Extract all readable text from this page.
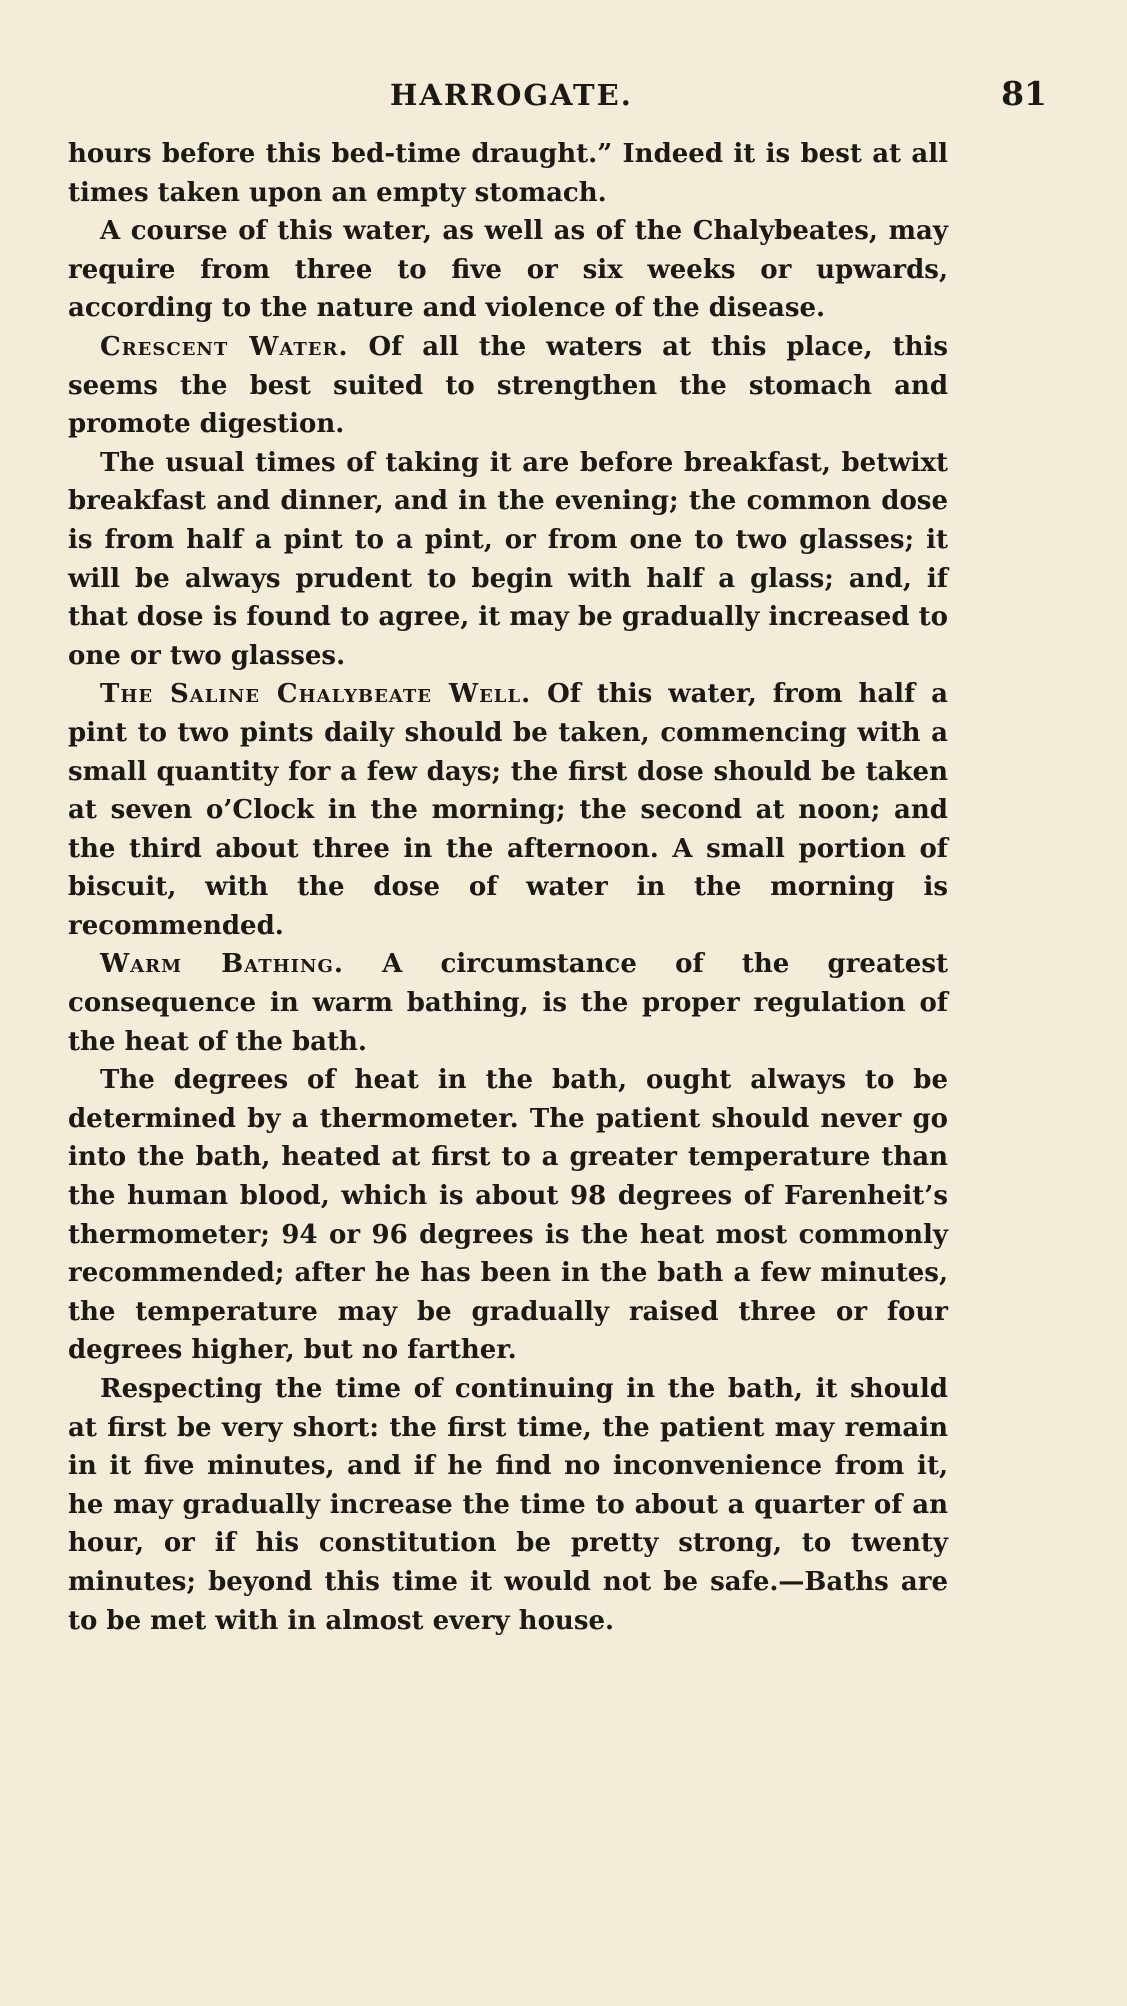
HARROGATE.	81

hours before this bed-time draught.” Indeed it is best at all times taken upon an empty stomach.

A course of this water, as well as of the Chalybeates, may require from three to five or six weeks or upwards, according to the nature and violence of the disease.

Crescent Water. Of all the waters at this place, this seems the best suited to strengthen the stomach and promote digestion.

The usual times of taking it are before breakfast, betwixt breakfast and dinner, and in the evening; the common dose is from half a pint to a pint, or from one to two glasses; it will be always prudent to begin with half a glass; and, if that dose is found to agree, it may be gradually increased to one or two glasses.

The Saline Chalybeate Well. Of this water, from half a pint to two pints daily should be taken, commencing with a small quantity for a few days; the first dose should be taken at seven o’Clock in the morning; the second at noon; and the third about three in the afternoon. A small portion of biscuit, with the dose of water in the morning is recommended.

Warm Bathing. A circumstance of the greatest consequence in warm bathing, is the proper regulation of the heat of the bath.

The degrees of heat in the bath, ought always to be determined by a thermometer. The patient should never go into the bath, heated at first to a greater temperature than the human blood, which is about 98 degrees of Farenheit’s thermometer; 94 or 96 degrees is the heat most commonly recommended; after he has been in the bath a few minutes, the temperature may be gradually raised three or four degrees higher, but no farther.

Respecting the time of continuing in the bath, it should at first be very short: the first time, the patient may remain in it five minutes, and if he find no inconvenience from it, he may gradually increase the time to about a quarter of an hour, or if his constitution be pretty strong, to twenty minutes; beyond this time it would not be safe.—Baths are to be met with in almost every house.
